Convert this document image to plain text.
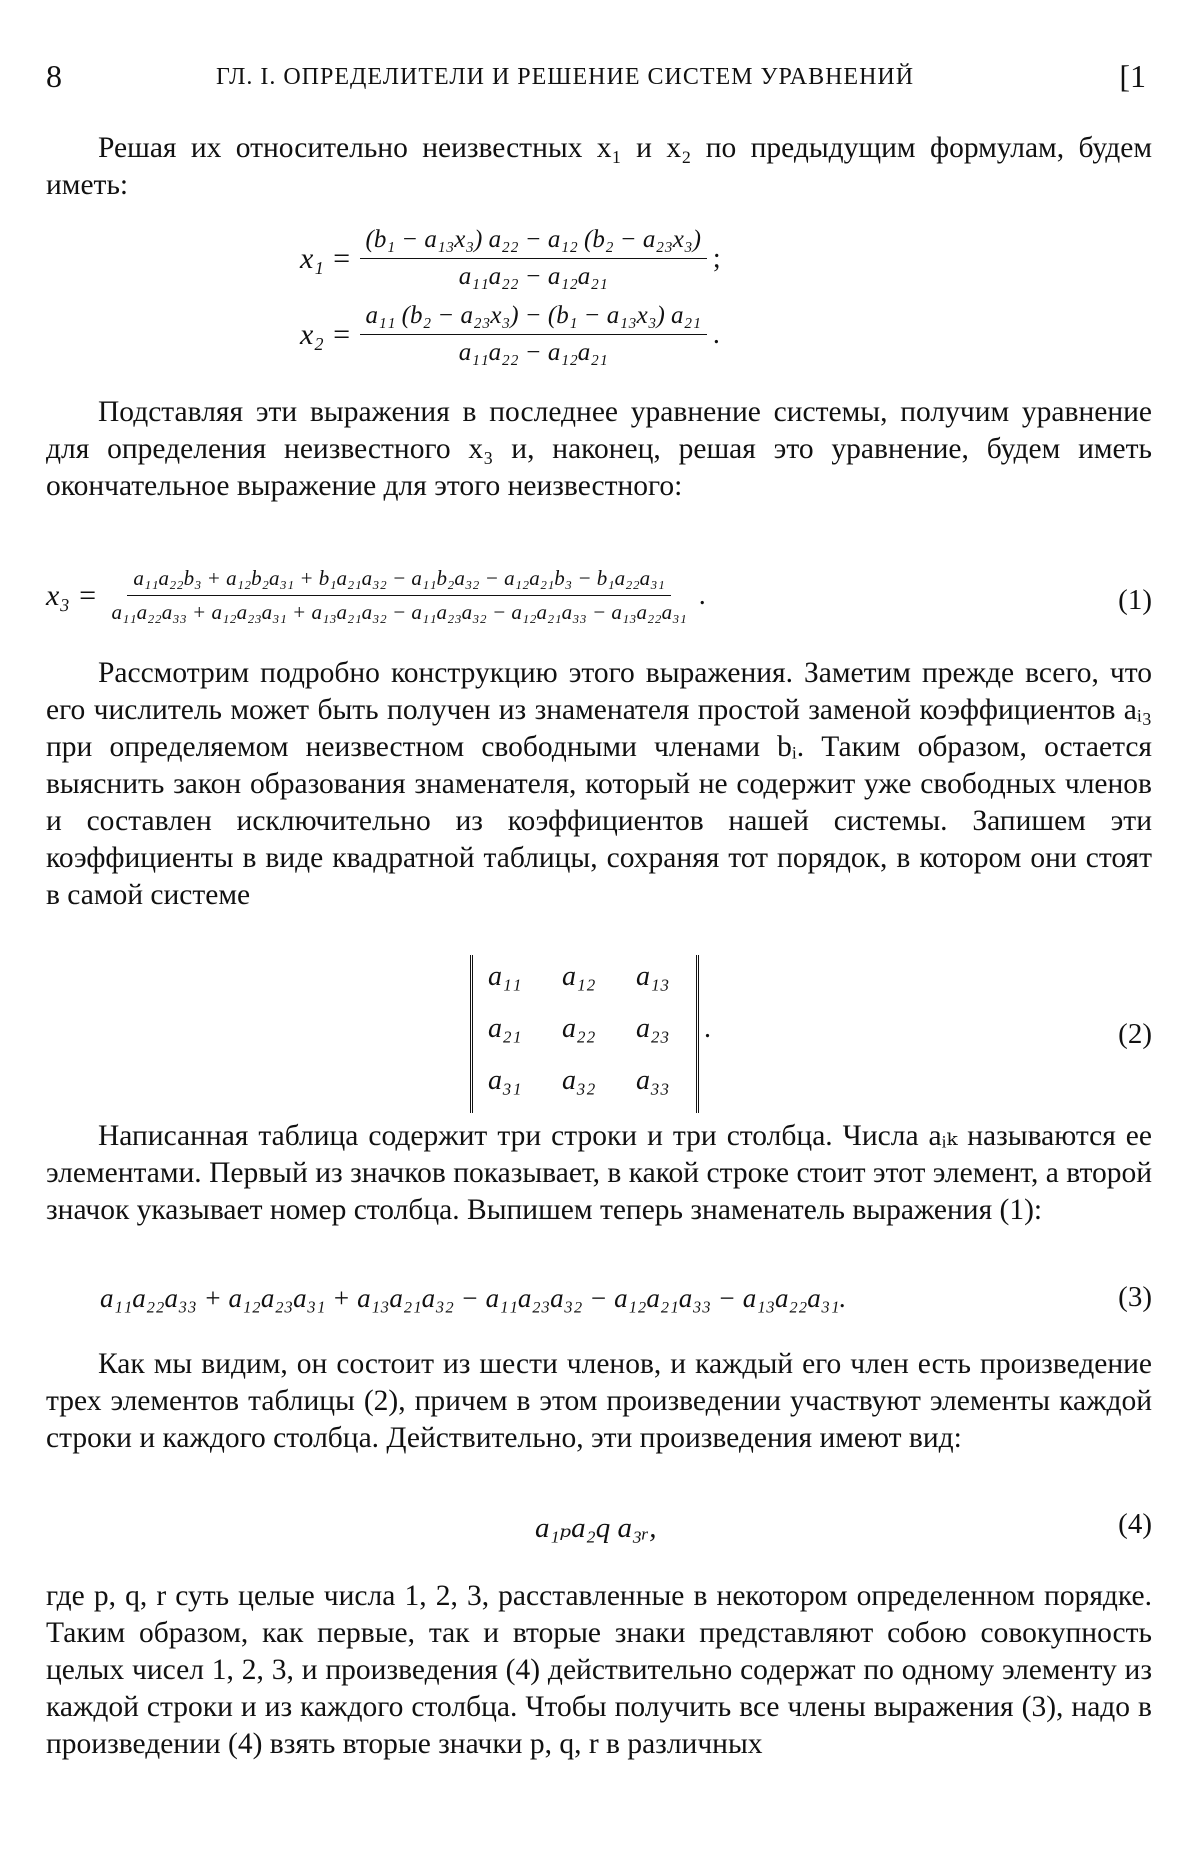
8	ГЛ. I. ОПРЕДЕЛИТЕЛИ И РЕШЕНИЕ СИСТЕМ УРАВНЕНИЙ	[1

Решая их относительно неизвестных x₁ и x₂ по предыдущим формулам, будем иметь:

$x_1 = \frac{\text{(b₁ − a₁₃x₃) a₂₂ − a₁₂ (b₂ − a₂₃x₃)}}{\text{a₁₁a₂₂ − a₁₂a₂₁}}$ ;
$x_2 = \frac{\text{a₁₁ (b₂ − a₂₃x₃) − (b₁ − a₁₃x₃) a₂₁}}{\text{a₁₁a₂₂ − a₁₂a₂₁}}$ .

Подставляя эти выражения в последнее уравнение системы, получим уравнение для определения неизвестного x₃ и, наконец, решая это уравнение, будем иметь окончательное выражение для этого неизвестного:

x₃ =
a₁₁a₂₂b₃ + a₁₂b₂a₃₁ + b₁a₂₁a₃₂ − a₁₁b₂a₃₂ − a₁₂a₂₁b₃ − b₁a₂₂a₃₁
a₁₁a₂₂a₃₃ + a₁₂a₂₃a₃₁ + a₁₃a₂₁a₃₂ − a₁₁a₂₃a₃₂ − a₁₂a₂₁a₃₃ − a₁₃a₂₂a₃₁
.	(1)

Рассмотрим подробно конструкцию этого выражения. Заметим прежде всего, что его числитель может быть получен из знаменателя простой заменой коэффициентов aᵢ₃ при определяемом неизвестном свободными членами bᵢ. Таким образом, остается выяснить закон образования знаменателя, который не содержит уже свободных членов и составлен исключительно из коэффициентов нашей системы. Запишем эти коэффициенты в виде квадратной таблицы, сохраняя тот порядок, в котором они стоят в самой системе

a₁₁ a₁₂ a₁₃
a₂₁ a₂₂ a₂₃
a₃₁ a₃₂ a₃₃
.	(2)

Написанная таблица содержит три строки и три столбца. Числа aᵢₖ называются ее элементами. Первый из значков показывает, в какой строке стоит этот элемент, а второй значок указывает номер столбца. Выпишем теперь знаменатель выражения (1):

a₁₁a₂₂a₃₃ + a₁₂a₂₃a₃₁ + a₁₃a₂₁a₃₂ − a₁₁a₂₃a₃₂ − a₁₂a₂₁a₃₃ − a₁₃a₂₂a₃₁.	(3)

Как мы видим, он состоит из шести членов, и каждый его член есть произведение трех элементов таблицы (2), причем в этом произведении участвуют элементы каждой строки и каждого столбца. Действительно, эти произведения имеют вид:

a₁ₚa₂q a₃ᵣ,	(4)

где p, q, r суть целые числа 1, 2, 3, расставленные в некотором определенном порядке. Таким образом, как первые, так и вторые знаки представляют собою совокупность целых чисел 1, 2, 3, и произведения (4) действительно содержат по одному элементу из каждой строки и из каждого столбца. Чтобы получить все члены выражения (3), надо в произведении (4) взять вторые значки p, q, r в различных
